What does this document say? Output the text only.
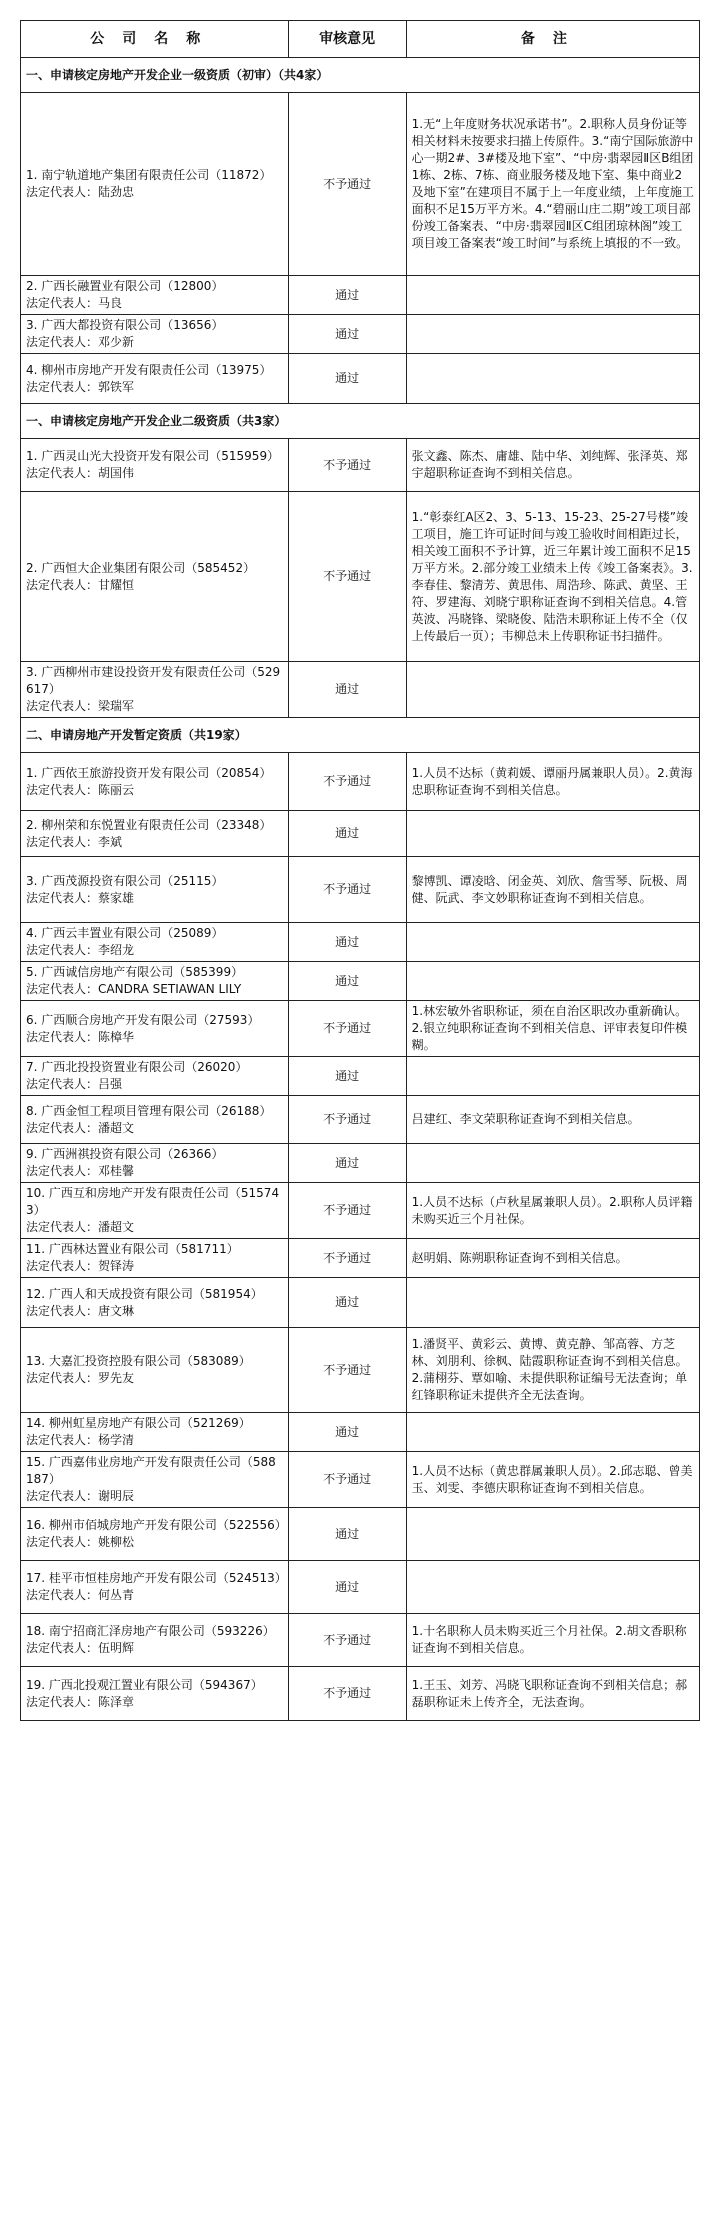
公司名称	审核意见	备注
一、申请核定房地产开发企业一级资质（初审）（共4家）		
1. 南宁轨道地产集团有限责任公司（11872）
法定代表人：陆劲忠	不予通过	1.无“上年度财务状况承诺书”。2.职称人员身份证等相关材料未按要求扫描上传原件。3.“南宁国际旅游中心一期2#、3#楼及地下室”、“中房·翡翠园Ⅱ区B组团1栋、2栋、7栋、商业服务楼及地下室、集中商业2及地下室”在建项目不属于上一年度业绩，上年度施工面积不足15万平方米。4.“碧丽山庄二期”竣工项目部份竣工备案表、“中房·翡翠园Ⅱ区C组团琼林阁”竣工项目竣工备案表“竣工时间”与系统上填报的不一致。
2. 广西长融置业有限公司（12800）
法定代表人：马良	通过	
3. 广西大都投资有限公司（13656）
法定代表人：邓少新	通过	
4. 柳州市房地产开发有限责任公司（13975）
法定代表人：郭铁军	通过	
一、申请核定房地产开发企业二级资质（共3家）		
1. 广西灵山光大投资开发有限公司（515959）
法定代表人：胡国伟	不予通过	张文鑫、陈杰、庸雄、陆中华、刘纯辉、张泽英、郑宇超职称证查询不到相关信息。
2. 广西恒大企业集团有限公司（585452）
法定代表人：甘耀恒	不予通过	1.“彰泰红A区2、3、5-13、15-23、25-27号楼”竣工项目，施工许可证时间与竣工验收时间相距过长，相关竣工面积不予计算，近三年累计竣工面积不足15万平方米。2.部分竣工业绩未上传《竣工备案表》。3.李春佳、黎清芳、黄思伟、周浩珍、陈武、黄坚、王符、罗建海、刘晓宁职称证查询不到相关信息。4.管英波、冯晓锋、梁晓俊、陆浩未职称证上传不全（仅上传最后一页）；韦柳总未上传职称证书扫描件。
3. 广西柳州市建设投资开发有限责任公司（529617）
法定代表人：梁瑞军	通过	
二、申请房地产开发暂定资质（共19家）		
1. 广西依王旅游投资开发有限公司（20854）
法定代表人：陈丽云	不予通过	1.人员不达标（黄莉媛、谭丽丹属兼职人员）。2.黄海忠职称证查询不到相关信息。
2. 柳州荣和东悦置业有限责任公司（23348）
法定代表人：李斌	通过	
3. 广西茂源投资有限公司（25115）
法定代表人：蔡家雄	不予通过	黎博凯、谭凌晗、闭金英、刘欣、詹雪琴、阮极、周健、阮武、李文妙职称证查询不到相关信息。
4. 广西云丰置业有限公司（25089）
法定代表人：李绍龙	通过	
5. 广西诚信房地产有限公司（585399）
法定代表人：CANDRA SETIAWAN LILY	通过	
6. 广西顺合房地产开发有限公司（27593）
法定代表人：陈樟华	不予通过	1.林宏敏外省职称证，须在自治区职改办重新确认。2.银立纯职称证查询不到相关信息、评审表复印件模糊。
7. 广西北投投资置业有限公司（26020）
法定代表人：吕强	通过	
8. 广西金恒工程项目管理有限公司（26188）
法定代表人：潘超文	不予通过	吕建红、李文荣职称证查询不到相关信息。
9. 广西洲祺投资有限公司（26366）
法定代表人：邓桂馨	通过	
10. 广西互和房地产开发有限责任公司（515743）
法定代表人：潘超文	不予通过	1.人员不达标（卢秋星属兼职人员）。2.职称人员评籍未购买近三个月社保。
11. 广西林达置业有限公司（581711）
法定代表人：贺铎涛	不予通过	赵明娟、陈朔职称证查询不到相关信息。
12. 广西人和天成投资有限公司（581954）
法定代表人：唐文琳	通过	
13. 大嘉汇投资控股有限公司（583089）
法定代表人：罗先友	不予通过	1.潘贤平、黄彩云、黄博、黄克静、邹高蓉、方芝林、刘朋利、徐枫、陆霞职称证查询不到相关信息。2.蒲栩芬、覃如喻、未提供职称证编号无法查询；单红锋职称证未提供齐全无法查询。
14. 柳州虹星房地产有限公司（521269）
法定代表人：杨学清	通过	
15. 广西嘉伟业房地产开发有限责任公司（588187）
法定代表人：谢明辰	不予通过	1.人员不达标（黄忠群属兼职人员）。2.邱志聪、曾美玉、刘雯、李德庆职称证查询不到相关信息。
16. 柳州市佰城房地产开发有限公司（522556）
法定代表人：姚柳松	通过	
17. 桂平市恒桂房地产开发有限公司（524513）
法定代表人：何丛青	通过	
18. 南宁招商汇泽房地产有限公司（593226）
法定代表人：伍明辉	不予通过	1.十名职称人员未购买近三个月社保。2.胡文香职称证查询不到相关信息。
19. 广西北投观江置业有限公司（594367）
法定代表人：陈泽章	不予通过	1.王玉、刘芳、冯晓飞职称证查询不到相关信息；郝磊职称证未上传齐全，无法查询。
